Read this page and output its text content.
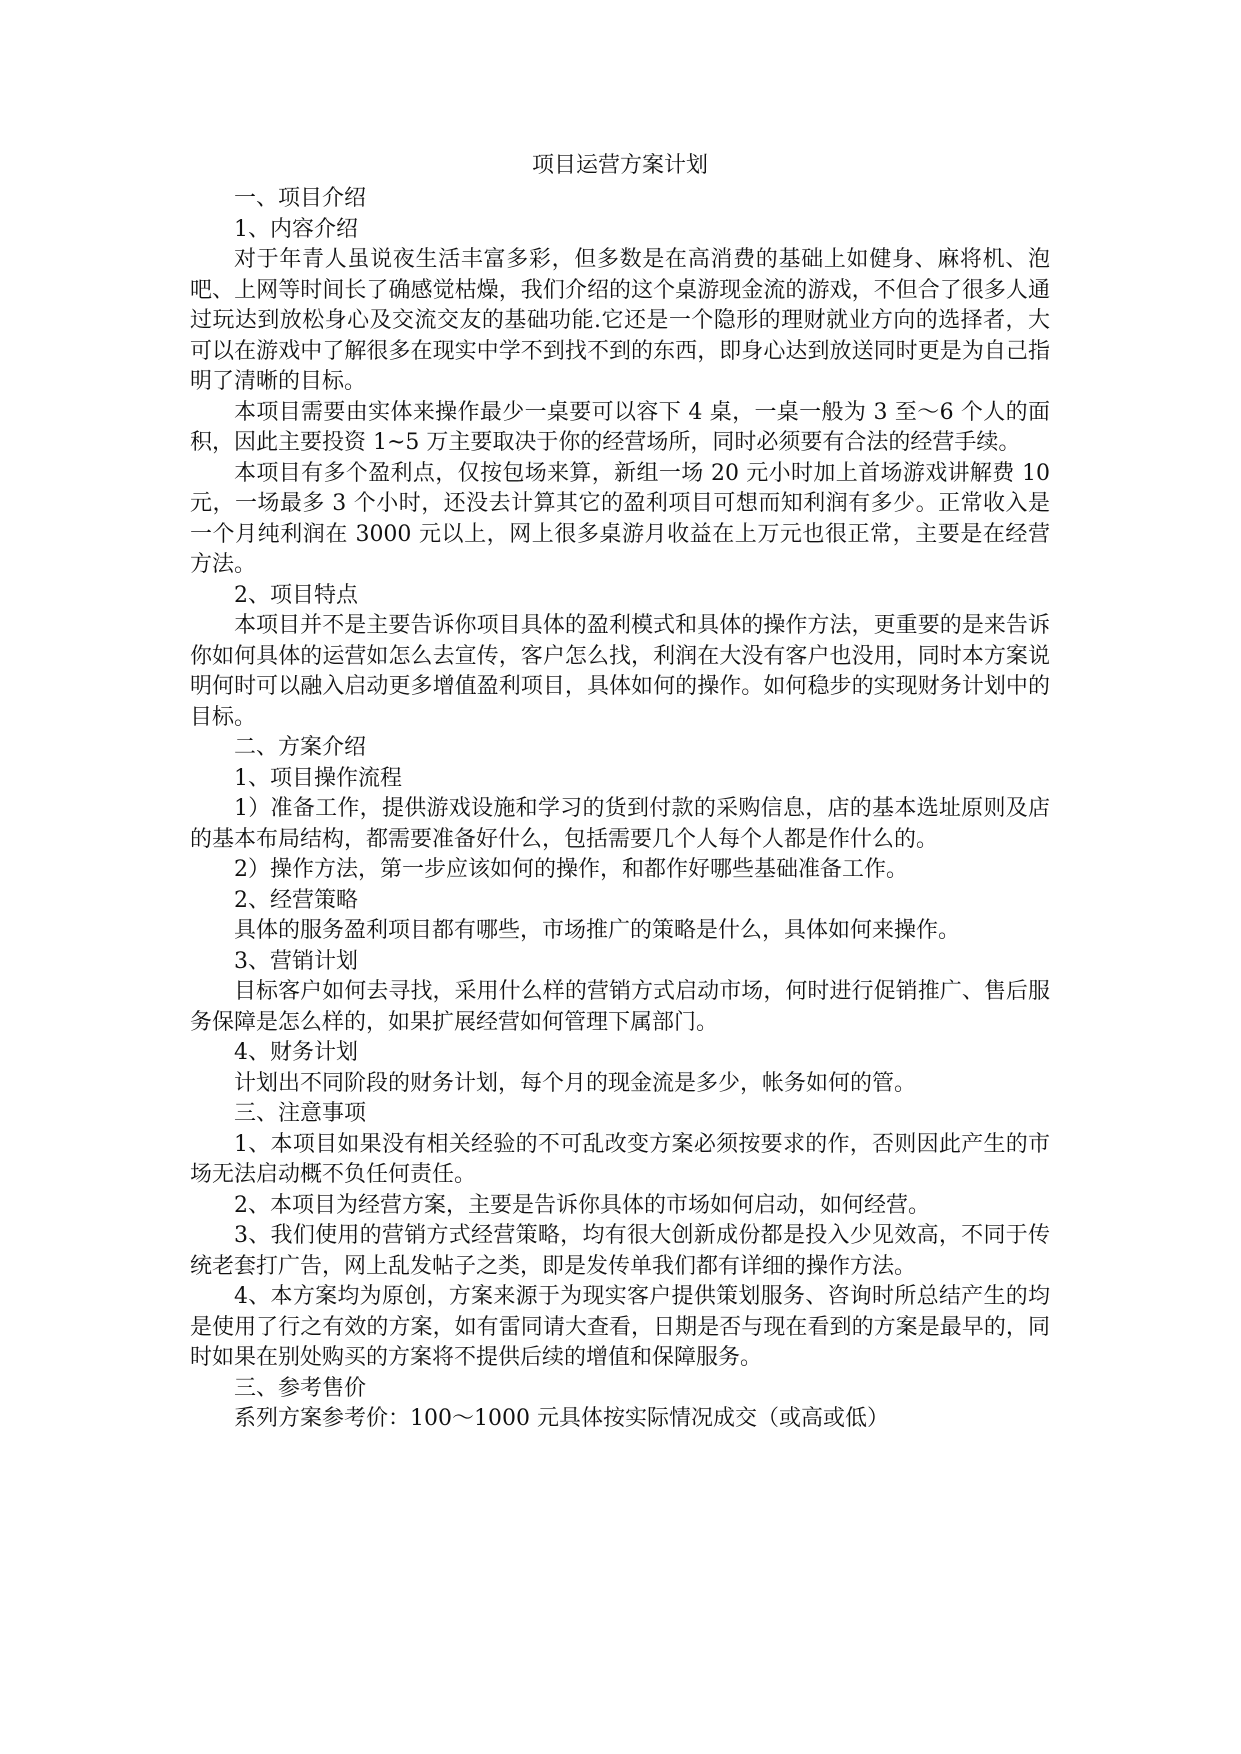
项目运营方案计划
一、项目介绍
1、内容介绍

对于年青人虽说夜生活丰富多彩，但多数是在高消费的基础上如健身、麻将机、泡吧、上网等时间长了确感觉枯燥，我们介绍的这个桌游现金流的游戏，不但合了很多人通过玩达到放松身心及交流交友的基础功能.它还是一个隐形的理财就业方向的选择者，大可以在游戏中了解很多在现实中学不到找不到的东西，即身心达到放送同时更是为自己指明了清晰的目标。

本项目需要由实体来操作最少一桌要可以容下 4 桌，一桌一般为 3 至～6 个人的面积，因此主要投资 1~5 万主要取决于你的经营场所，同时必须要有合法的经营手续。

本项目有多个盈利点，仅按包场来算，新组一场 20 元小时加上首场游戏讲解费 10 元，一场最多 3 个小时，还没去计算其它的盈利项目可想而知利润有多少。正常收入是一个月纯利润在 3000 元以上，网上很多桌游月收益在上万元也很正常，主要是在经营方法。

2、项目特点

本项目并不是主要告诉你项目具体的盈利模式和具体的操作方法，更重要的是来告诉你如何具体的运营如怎么去宣传，客户怎么找，利润在大没有客户也没用，同时本方案说明何时可以融入启动更多增值盈利项目，具体如何的操作。如何稳步的实现财务计划中的目标。

二、方案介绍
1、项目操作流程

1）准备工作，提供游戏设施和学习的货到付款的采购信息，店的基本选址原则及店的基本布局结构，都需要准备好什么，包括需要几个人每个人都是作什么的。

2）操作方法，第一步应该如何的操作，和都作好哪些基础准备工作。

2、经营策略

具体的服务盈利项目都有哪些，市场推广的策略是什么，具体如何来操作。

3、营销计划

目标客户如何去寻找，采用什么样的营销方式启动市场，何时进行促销推广、售后服务保障是怎么样的，如果扩展经营如何管理下属部门。

4、财务计划

计划出不同阶段的财务计划，每个月的现金流是多少，帐务如何的管。

三、注意事项

1、本项目如果没有相关经验的不可乱改变方案必须按要求的作，否则因此产生的市场无法启动概不负任何责任。

2、本项目为经营方案，主要是告诉你具体的市场如何启动，如何经营。

3、我们使用的营销方式经营策略，均有很大创新成份都是投入少见效高，不同于传统老套打广告，网上乱发帖子之类，即是发传单我们都有详细的操作方法。

4、本方案均为原创，方案来源于为现实客户提供策划服务、咨询时所总结产生的均是使用了行之有效的方案，如有雷同请大查看，日期是否与现在看到的方案是最早的，同时如果在别处购买的方案将不提供后续的增值和保障服务。

三、参考售价

系列方案参考价：100～1000 元具体按实际情况成交（或高或低）
